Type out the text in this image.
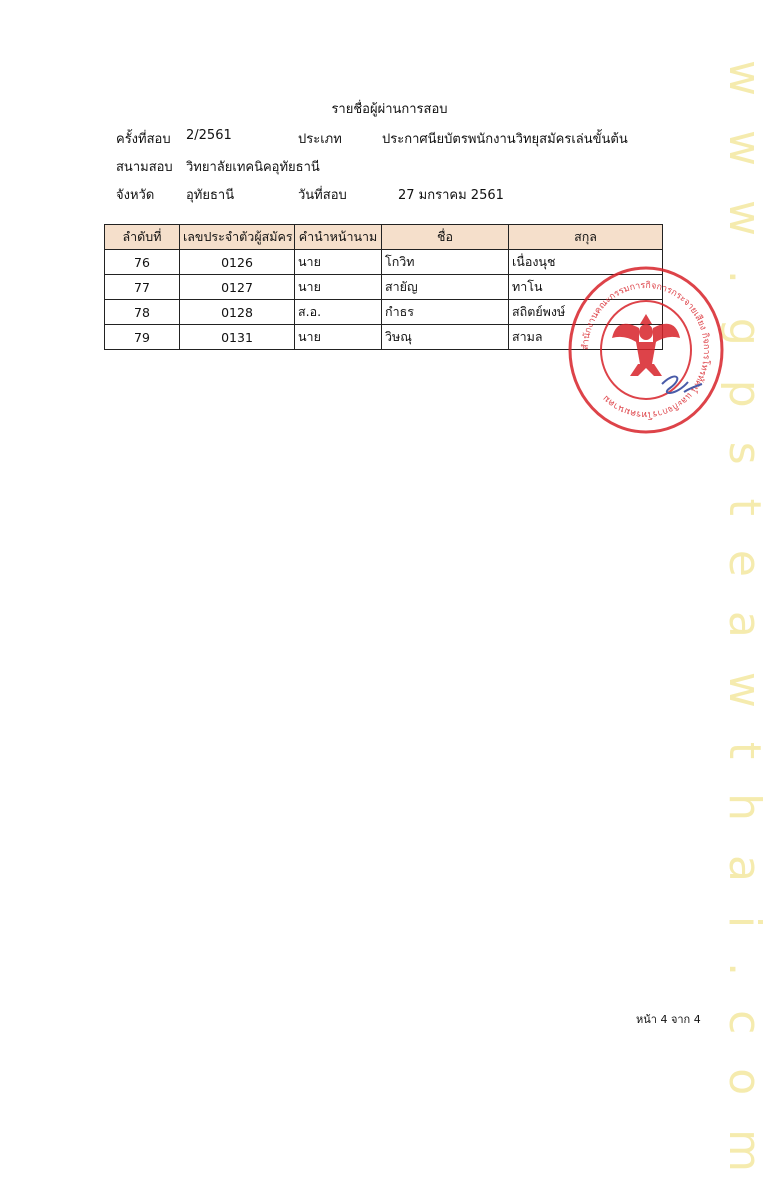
w w w . g p s t e a w t h a i . c o m
รายชื่อผู้ผ่านการสอบ
ครั้งที่สอบ 2/2561	ประเภท	ประกาศนียบัตรพนักงานวิทยุสมัครเล่นขั้นต้น
สนามสอบ วิทยาลัยเทคนิคอุทัยธานี
จังหวัด อุทัยธานี	วันที่สอบ	27 มกราคม 2561
ลำดับที่	เลขประจำตัวผู้สมัคร	คำนำหน้านาม	ชื่อ	สกุล
76	0126	นาย	โกวิท	เนื่องนุช
77	0127	นาย	สายัญ	ทาโน
78	0128	ส.อ.	กำธร	สถิตย์พงษ์
79	0131	นาย	วิษณุ	สามล
สำนักงานคณะกรรมการกิจการกระจายเสียง กิจการโทรทัศน์ และกิจการโทรคมนาคม
หน้า 4 จาก 4
